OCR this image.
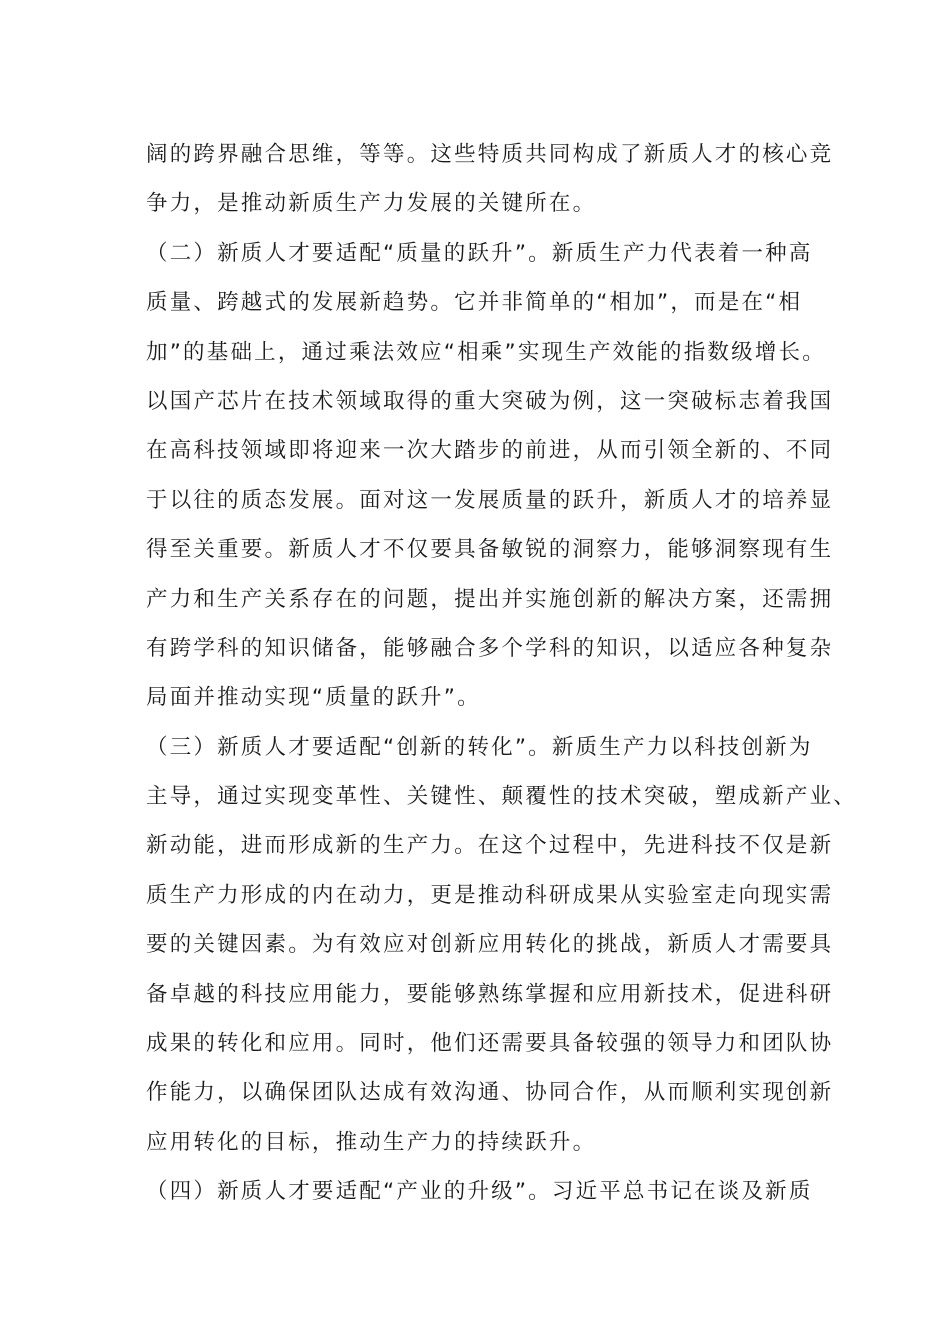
阔的跨界融合思维，等等。这些特质共同构成了新质人才的核心竞
争力，是推动新质生产力发展的关键所在。
（二）新质人才要适配“质量的跃升”。新质生产力代表着一种高
质量、跨越式的发展新趋势。它并非简单的“相加”，而是在“相
加”的基础上，通过乘法效应“相乘”实现生产效能的指数级增长。
以国产芯片在技术领域取得的重大突破为例，这一突破标志着我国
在高科技领域即将迎来一次大踏步的前进，从而引领全新的、不同
于以往的质态发展。面对这一发展质量的跃升，新质人才的培养显
得至关重要。新质人才不仅要具备敏锐的洞察力，能够洞察现有生
产力和生产关系存在的问题，提出并实施创新的解决方案，还需拥
有跨学科的知识储备，能够融合多个学科的知识，以适应各种复杂
局面并推动实现“质量的跃升”。
（三）新质人才要适配“创新的转化”。新质生产力以科技创新为
主导，通过实现变革性、关键性、颠覆性的技术突破，塑成新产业、
新动能，进而形成新的生产力。在这个过程中，先进科技不仅是新
质生产力形成的内在动力，更是推动科研成果从实验室走向现实需
要的关键因素。为有效应对创新应用转化的挑战，新质人才需要具
备卓越的科技应用能力，要能够熟练掌握和应用新技术，促进科研
成果的转化和应用。同时，他们还需要具备较强的领导力和团队协
作能力，以确保团队达成有效沟通、协同合作，从而顺利实现创新
应用转化的目标，推动生产力的持续跃升。
（四）新质人才要适配“产业的升级”。习近平总书记在谈及新质
